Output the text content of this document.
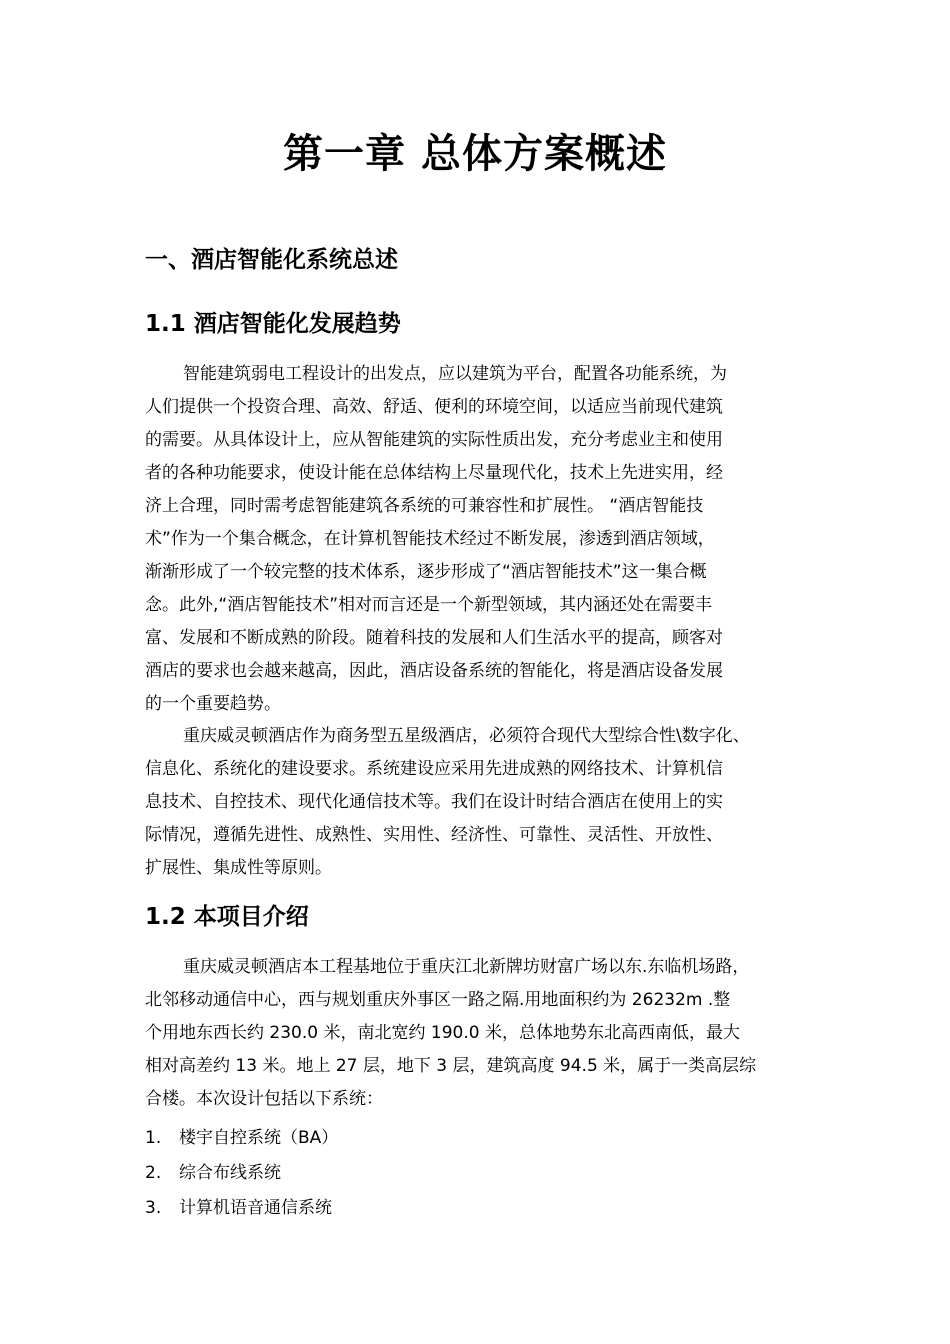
第一章 总体方案概述
一、酒店智能化系统总述
1.1 酒店智能化发展趋势
智能建筑弱电工程设计的出发点，应以建筑为平台，配置各功能系统，为
人们提供一个投资合理、高效、舒适、便利的环境空间，以适应当前现代建筑
的需要。从具体设计上，应从智能建筑的实际性质出发，充分考虑业主和使用
者的各种功能要求，使设计能在总体结构上尽量现代化，技术上先进实用，经
济上合理，同时需考虑智能建筑各系统的可兼容性和扩展性。 “酒店智能技
术”作为一个集合概念，在计算机智能技术经过不断发展，渗透到酒店领域，
渐渐形成了一个较完整的技术体系，逐步形成了“酒店智能技术”这一集合概
念。此外,“酒店智能技术”相对而言还是一个新型领域，其内涵还处在需要丰
富、发展和不断成熟的阶段。随着科技的发展和人们生活水平的提高，顾客对
酒店的要求也会越来越高，因此，酒店设备系统的智能化，将是酒店设备发展
的一个重要趋势。
重庆威灵顿酒店作为商务型五星级酒店，必须符合现代大型综合性\数字化、
信息化、系统化的建设要求。系统建设应采用先进成熟的网络技术、计算机信
息技术、自控技术、现代化通信技术等。我们在设计时结合酒店在使用上的实
际情况，遵循先进性、成熟性、实用性、经济性、可靠性、灵活性、开放性、
扩展性、集成性等原则。
1.2 本项目介绍
重庆威灵顿酒店本工程基地位于重庆江北新牌坊财富广场以东.东临机场路，
北邻移动通信中心，西与规划重庆外事区一路之隔.用地面积约为 26232m .整
个用地东西长约 230.0 米，南北宽约 190.0 米，总体地势东北高西南低，最大
相对高差约 13 米。地上 27 层，地下 3 层，建筑高度 94.5 米，属于一类高层综
合楼。本次设计包括以下系统：
1. 楼宇自控系统（BA）
2. 综合布线系统
3. 计算机语音通信系统
